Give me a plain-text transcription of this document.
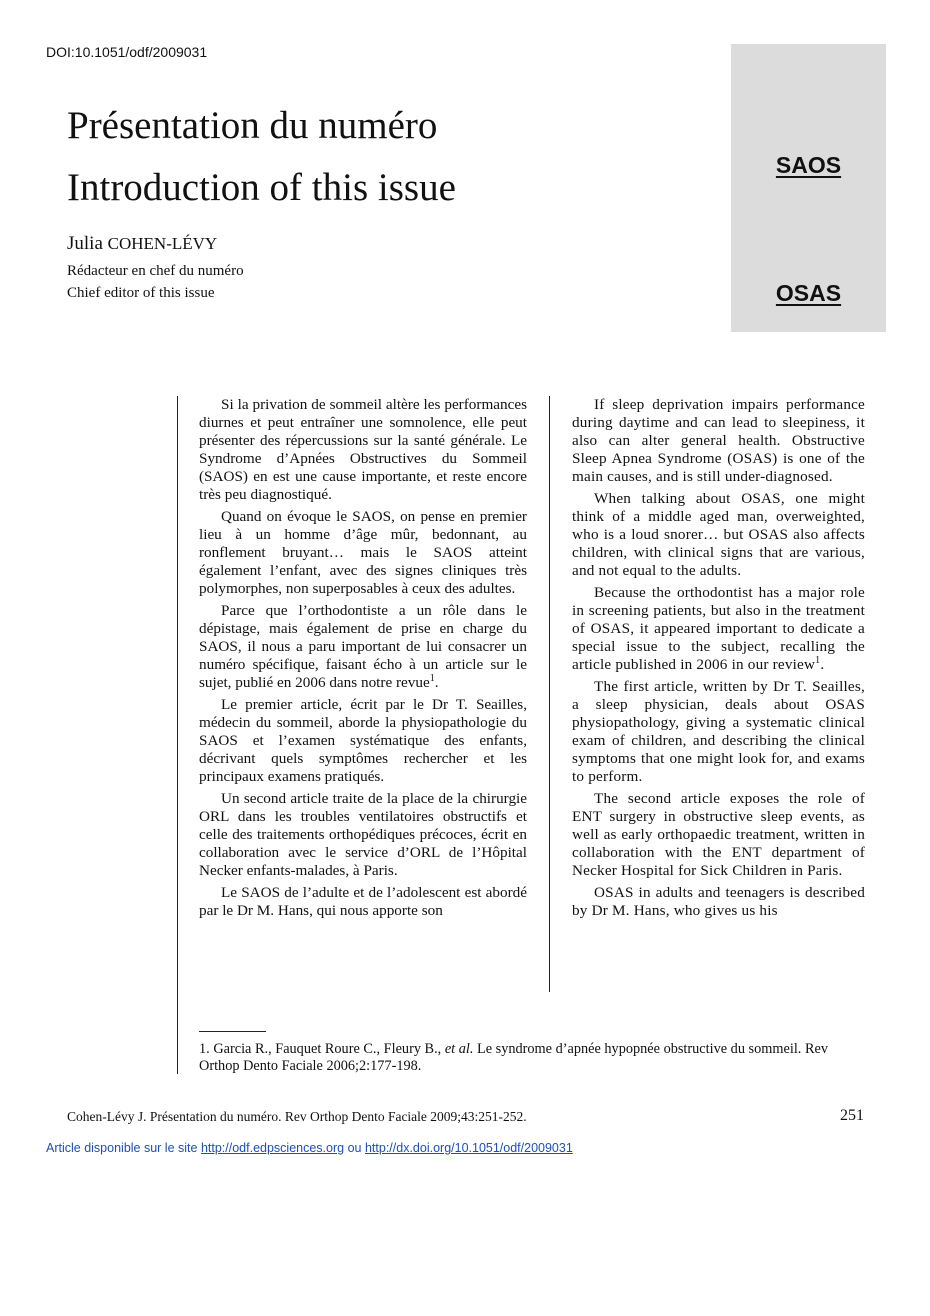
DOI:10.1051/odf/2009031
Présentation du numéro
Introduction of this issue
Julia COHEN-LÉVY
Rédacteur en chef du numéro
Chief editor of this issue
SAOS
OSAS

Si la privation de sommeil altère les performances diurnes et peut entraîner une somnolence, elle peut présenter des répercussions sur la santé générale. Le Syndrome d’Apnées Obstructives du Sommeil (SAOS) en est une cause importante, et reste encore très peu diagnostiqué.

Quand on évoque le SAOS, on pense en premier lieu à un homme d’âge mûr, bedonnant, au ronflement bruyant… mais le SAOS atteint également l’enfant, avec des signes cliniques très polymorphes, non superposables à ceux des adultes.

Parce que l’orthodontiste a un rôle dans le dépistage, mais également de prise en charge du SAOS, il nous a paru important de lui consacrer un numéro spécifique, faisant écho à un article sur le sujet, publié en 2006 dans notre revue$^1$.

Le premier article, écrit par le Dr T. Seailles, médecin du sommeil, aborde la physiopathologie du SAOS et l’examen systématique des enfants, décrivant quels symptômes rechercher et les principaux examens pratiqués.

Un second article traite de la place de la chirurgie ORL dans les troubles ventilatoires obstructifs et celle des traitements orthopédiques précoces, écrit en collaboration avec le service d’ORL de l’Hôpital Necker enfants-malades, à Paris.

Le SAOS de l’adulte et de l’adolescent est abordé par le Dr M. Hans, qui nous apporte son

If sleep deprivation impairs performance during daytime and can lead to sleepiness, it also can alter general health. Obstructive Sleep Apnea Syndrome (OSAS) is one of the main causes, and is still under-diagnosed.

When talking about OSAS, one might think of a middle aged man, overweighted, who is a loud snorer… but OSAS also affects children, with clinical signs that are various, and not equal to the adults.

Because the orthodontist has a major role in screening patients, but also in the treatment of OSAS, it appeared important to dedicate a special issue to the subject, recalling the article published in 2006 in our review$^1$.

The first article, written by Dr T. Seailles, a sleep physician, deals about OSAS physiopathology, giving a systematic clinical exam of children, and describing the clinical symptoms that one might look for, and exams to perform.

The second article exposes the role of ENT surgery in obstructive sleep events, as well as early orthopaedic treatment, written in collaboration with the ENT department of Necker Hospital for Sick Children in Paris.

OSAS in adults and teenagers is described by Dr M. Hans, who gives us his

1. Garcia R., Fauquet Roure C., Fleury B., et al. Le syndrome d’apnée hypopnée obstructive du sommeil. Rev Orthop Dento Faciale 2006;2:177-198.
Cohen-Lévy J. Présentation du numéro. Rev Orthop Dento Faciale 2009;43:251-252.	251
Article disponible sur le site http://odf.edpsciences.org ou http://dx.doi.org/10.1051/odf/2009031
